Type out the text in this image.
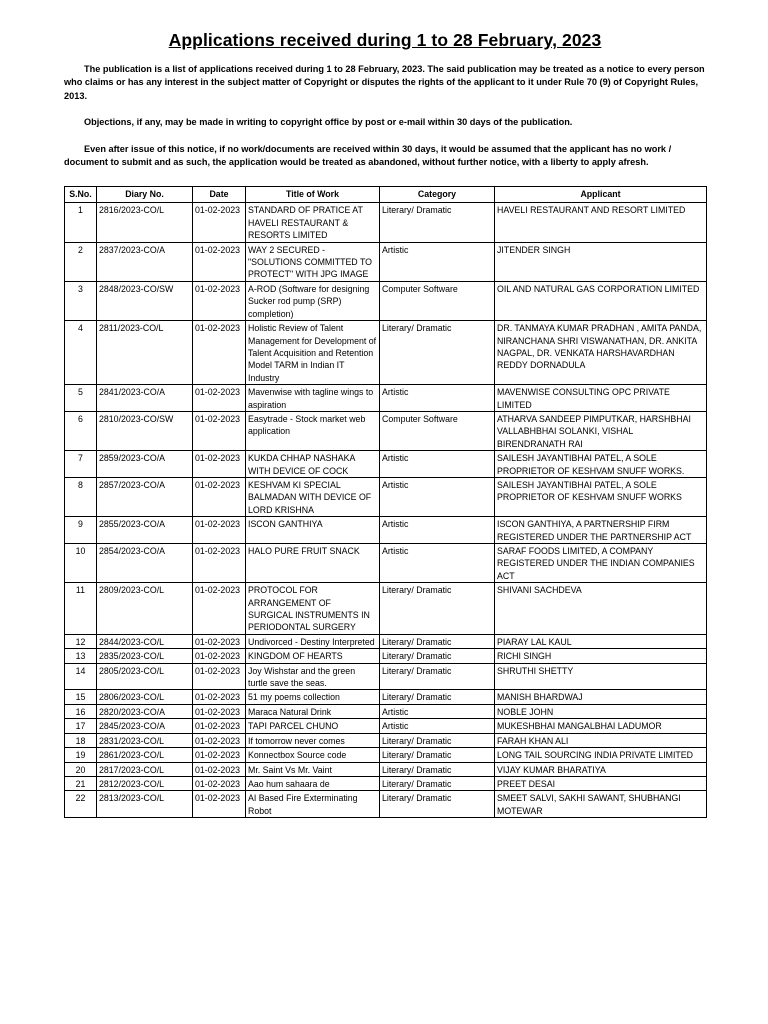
Applications received during 1 to 28 February, 2023

The publication is a list of applications received during 1 to 28 February, 2023. The said publication may be treated as a notice to every person who claims or has any interest in the subject matter of Copyright or disputes the rights of the applicant to it under Rule 70 (9) of Copyright Rules, 2013.

Objections, if any, may be made in writing to copyright office by post or e-mail within 30 days of the publication.

Even after issue of this notice, if no work/documents are received within 30 days, it would be assumed that the applicant has no work / document to submit and as such, the application would be treated as abandoned, without further notice, with a liberty to apply afresh.

S.No.	Diary No.	Date	Title of Work	Category	Applicant
1	2816/2023-CO/L	01-02-2023	STANDARD OF PRATICE AT HAVELI RESTAURANT & RESORTS LIMITED	Literary/ Dramatic	HAVELI RESTAURANT AND RESORT LIMITED
2	2837/2023-CO/A	01-02-2023	WAY 2 SECURED - "SOLUTIONS COMMITTED TO PROTECT" WITH JPG IMAGE	Artistic	JITENDER SINGH
3	2848/2023-CO/SW	01-02-2023	A-ROD (Software for designing Sucker rod pump (SRP) completion)	Computer Software	OIL AND NATURAL GAS CORPORATION LIMITED
4	2811/2023-CO/L	01-02-2023	Holistic Review of Talent Management for Development of Talent Acquisition and Retention Model TARM in Indian IT Industry	Literary/ Dramatic	DR. TANMAYA KUMAR PRADHAN , AMITA PANDA, NIRANCHANA SHRI VISWANATHAN, DR. ANKITA NAGPAL, DR. VENKATA HARSHAVARDHAN REDDY DORNADULA
5	2841/2023-CO/A	01-02-2023	Mavenwise with tagline wings to aspiration	Artistic	MAVENWISE CONSULTING OPC PRIVATE LIMITED
6	2810/2023-CO/SW	01-02-2023	Easytrade - Stock market web application	Computer Software	ATHARVA SANDEEP PIMPUTKAR, HARSHBHAI VALLABHBHAI SOLANKI, VISHAL BIRENDRANATH RAI
7	2859/2023-CO/A	01-02-2023	KUKDA CHHAP NASHAKA WITH DEVICE OF COCK	Artistic	SAILESH JAYANTIBHAI PATEL, A SOLE PROPRIETOR OF KESHVAM SNUFF WORKS.
8	2857/2023-CO/A	01-02-2023	KESHVAM KI SPECIAL BALMADAN WITH DEVICE OF LORD KRISHNA	Artistic	SAILESH JAYANTIBHAI PATEL, A SOLE PROPRIETOR OF KESHVAM SNUFF WORKS
9	2855/2023-CO/A	01-02-2023	ISCON GANTHIYA	Artistic	ISCON GANTHIYA, A PARTNERSHIP FIRM REGISTERED UNDER THE PARTNERSHIP ACT
10	2854/2023-CO/A	01-02-2023	HALO PURE FRUIT SNACK	Artistic	SARAF FOODS LIMITED, A COMPANY REGISTERED UNDER THE INDIAN COMPANIES ACT
11	2809/2023-CO/L	01-02-2023	PROTOCOL FOR ARRANGEMENT OF SURGICAL INSTRUMENTS IN PERIODONTAL SURGERY	Literary/ Dramatic	SHIVANI SACHDEVA
12	2844/2023-CO/L	01-02-2023	Undivorced - Destiny Interpreted	Literary/ Dramatic	PIARAY LAL KAUL
13	2835/2023-CO/L	01-02-2023	KINGDOM OF HEARTS	Literary/ Dramatic	RICHI SINGH
14	2805/2023-CO/L	01-02-2023	Joy Wishstar and the green turtle save the seas.	Literary/ Dramatic	SHRUTHI SHETTY
15	2806/2023-CO/L	01-02-2023	51 my poems collection	Literary/ Dramatic	MANISH BHARDWAJ
16	2820/2023-CO/A	01-02-2023	Maraca Natural Drink	Artistic	NOBLE JOHN
17	2845/2023-CO/A	01-02-2023	TAPI PARCEL CHUNO	Artistic	MUKESHBHAI MANGALBHAI LADUMOR
18	2831/2023-CO/L	01-02-2023	If tomorrow never comes	Literary/ Dramatic	FARAH KHAN ALI
19	2861/2023-CO/L	01-02-2023	Konnectbox Source code	Literary/ Dramatic	LONG TAIL SOURCING INDIA PRIVATE LIMITED
20	2817/2023-CO/L	01-02-2023	Mr. Saint Vs Mr. Vaint	Literary/ Dramatic	VIJAY KUMAR BHARATIYA
21	2812/2023-CO/L	01-02-2023	Aao hum sahaara de	Literary/ Dramatic	PREET DESAI
22	2813/2023-CO/L	01-02-2023	AI Based Fire Exterminating Robot	Literary/ Dramatic	SMEET SALVI, SAKHI SAWANT, SHUBHANGI MOTEWAR
